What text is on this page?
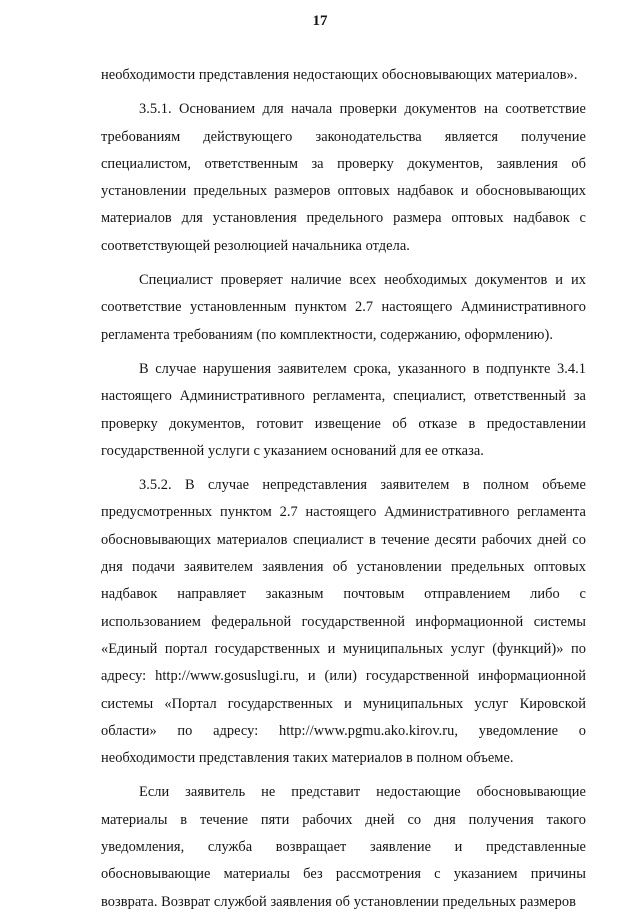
17

необходимости представления недостающих обосновывающих материалов».

3.5.1. Основанием для начала проверки документов на соответствие требованиям действующего законодательства является получение специалистом, ответственным за проверку документов, заявления об установлении предельных размеров оптовых надбавок и обосновывающих материалов для установления предельного размера оптовых надбавок с соответствующей резолюцией начальника отдела.

Специалист проверяет наличие всех необходимых документов и их соответствие установленным пунктом 2.7 настоящего Административного регламента требованиям (по комплектности, содержанию, оформлению).

В случае нарушения заявителем срока, указанного в подпункте 3.4.1 настоящего Административного регламента, специалист, ответственный за проверку документов, готовит извещение об отказе в предоставлении государственной услуги с указанием оснований для ее отказа.

3.5.2. В случае непредставления заявителем в полном объеме предусмотренных пунктом 2.7 настоящего Административного регламента обосновывающих материалов специалист в течение десяти рабочих дней со дня подачи заявителем заявления об установлении предельных оптовых надбавок направляет заказным почтовым отправлением либо с использованием федеральной государственной информационной системы «Единый портал государственных и муниципальных услуг (функций)» по адресу: http://www.gosuslugi.ru, и (или) государственной информационной системы «Портал государственных и муниципальных услуг Кировской области» по адресу: http://www.pgmu.ako.kirov.ru, уведомление о необходимости представления таких материалов в полном объеме.

Если заявитель не представит недостающие обосновывающие материалы в течение пяти рабочих дней со дня получения такого уведомления, служба возвращает заявление и представленные обосновывающие материалы без рассмотрения с указанием причины возврата. Возврат службой заявления об установлении предельных размеров
